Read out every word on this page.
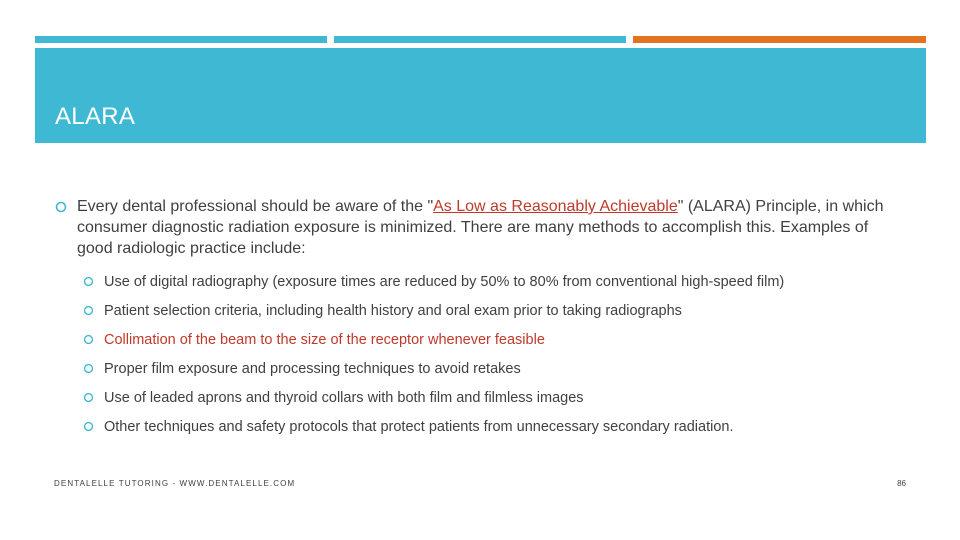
ALARA
Every dental professional should be aware of the "As Low as Reasonably Achievable" (ALARA) Principle, in which consumer diagnostic radiation exposure is minimized. There are many methods to accomplish this. Examples of good radiologic practice include:
Use of digital radiography (exposure times are reduced by 50% to 80% from conventional high-speed film)
Patient selection criteria, including health history and oral exam prior to taking radiographs
Collimation of the beam to the size of the receptor whenever feasible
Proper film exposure and processing techniques to avoid retakes
Use of leaded aprons and thyroid collars with both film and filmless images
Other techniques and safety protocols that protect patients from unnecessary secondary radiation.
DENTALELLE TUTORING - WWW.DENTALELLE.COM	86
